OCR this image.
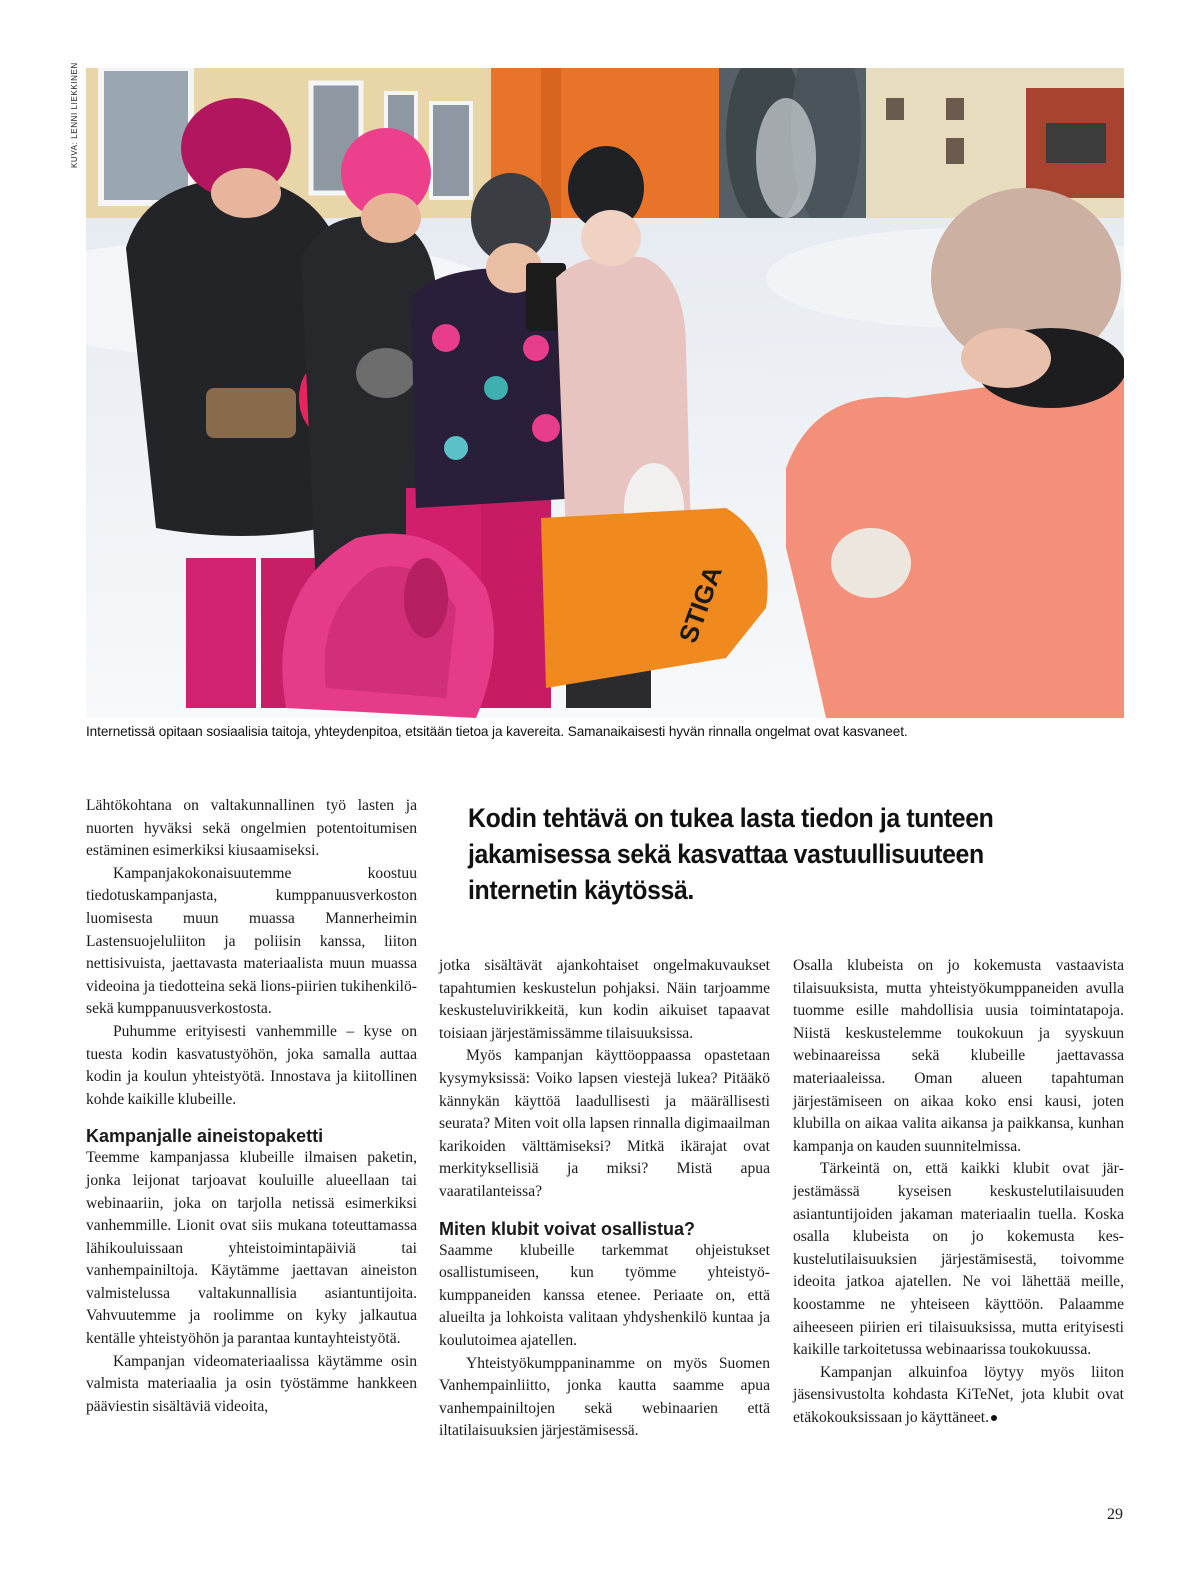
KUVA: LENNI LIEKKINEN
STIGA
Internetissä opitaan sosiaalisia taitoja, yhteydenpitoa, etsitään tietoa ja kavereita. Samanaikaisesti hyvän rinnalla ongelmat ovat kasvaneet.
Kodin tehtävä on tukea lasta tiedon ja tunteen jakamisessa sekä kasvattaa vastuullisuuteen internetin käytössä.

Lähtökohtana on valtakunnallinen työ lasten ja nuorten hyväksi sekä ongelmien potentoitumisen estäminen esimerkiksi kiusaamiseksi.

Kampanjakokonaisuutemme koostuu tiedotuskampanjasta, kumppanuusverkoston luomisesta muun muassa Mannerheimin Lastensuojeluliiton ja poliisin kanssa, liiton nettisivuista, jaettavasta materiaalista muun muassa videoina ja tiedotteina sekä lions-piirien tukihenkilö- sekä kumppanuusverkostosta.

Puhumme erityisesti vanhemmille – kyse on tuesta kodin kasvatustyöhön, joka samalla auttaa kodin ja koulun yhteistyötä. Innostava ja kiitollinen kohde kaikille klubeille.

Kampanjalle aineistopaketti

Teemme kampanjassa klubeille ilmaisen paketin, jonka leijonat tarjoavat kouluille alueellaan tai webinaariin, joka on tarjolla netissä esimerkiksi vanhemmille. Lionit ovat siis mukana toteuttamassa lähikouluissaan yhteistoimintapäiviä tai vanhempainiltoja. Käytämme jaettavan aineiston valmistelussa valtakunnallisia asiantuntijoita. Vahvuutemme ja roolimme on kyky jalkautua kentälle yhteistyöhön ja parantaa kuntayhteistyötä.

Kampanjan videomateriaalissa käytämme osin valmista materiaalia ja osin työstämme hankkeen pääviestin sisältäviä videoita,

jotka sisältävät ajankohtaiset ongelmakuvaukset tapahtumien keskustelun pohjaksi. Näin tarjoamme keskusteluvirikkeitä, kun kodin aikuiset tapaavat toisiaan järjestämissämme tilaisuuksissa.

Myös kampanjan käyttöoppaassa opastetaan kysymyksissä: Voiko lapsen viestejä lukea? Pitääkö kännykän käyttöä laadullisesti ja määrällisesti seurata? Miten voit olla lapsen rinnalla digimaailman karikoiden välttämiseksi? Mitkä ikärajat ovat merkityksellisiä ja miksi? Mistä apua vaaratilanteissa?

Miten klubit voivat osallistua?

Saamme klubeille tarkemmat ohjeistukset osallistumiseen, kun työmme yhteistyökumppaneiden kanssa etenee. Periaate on, että alueilta ja lohkoista valitaan yhdyshenkilö kuntaa ja koulutoimea ajatellen.

Yhteistyökumppaninamme on myös Suomen Vanhempainliitto, jonka kautta saamme apua vanhempainiltojen sekä webinaarien että iltatilaisuuksien järjestämisessä.

Osalla klubeista on jo kokemusta vastaavista tilaisuuksista, mutta yhteistyökumppaneiden avulla tuomme esille mahdollisia uusia toimintatapoja. Niistä keskustelemme toukokuun ja syyskuun webinaareissa sekä klubeille jaettavassa materiaaleissa. Oman alueen tapahtuman järjestämiseen on aikaa koko ensi kausi, joten klubilla on aikaa valita aikansa ja paikkansa, kunhan kampanja on kauden suunnitelmissa.

Tärkeintä on, että kaikki klubit ovat järjestämässä kyseisen keskustelutilaisuuden asiantuntijoiden jakaman materiaalin tuella. Koska osalla klubeista on jo kokemusta keskustelutilaisuuksien järjestämisestä, toivomme ideoita jatkoa ajatellen. Ne voi lähettää meille, koostamme ne yhteiseen käyttöön. Palaamme aiheeseen piirien eri tilaisuuksissa, mutta erityisesti kaikille tarkoitetussa webinaarissa toukokuussa.

Kampanjan alkuinfoa löytyy myös liiton jäsensivustolta kohdasta KiTeNet, jota klubit ovat etäkokouksissaan jo käyttäneet.

29
